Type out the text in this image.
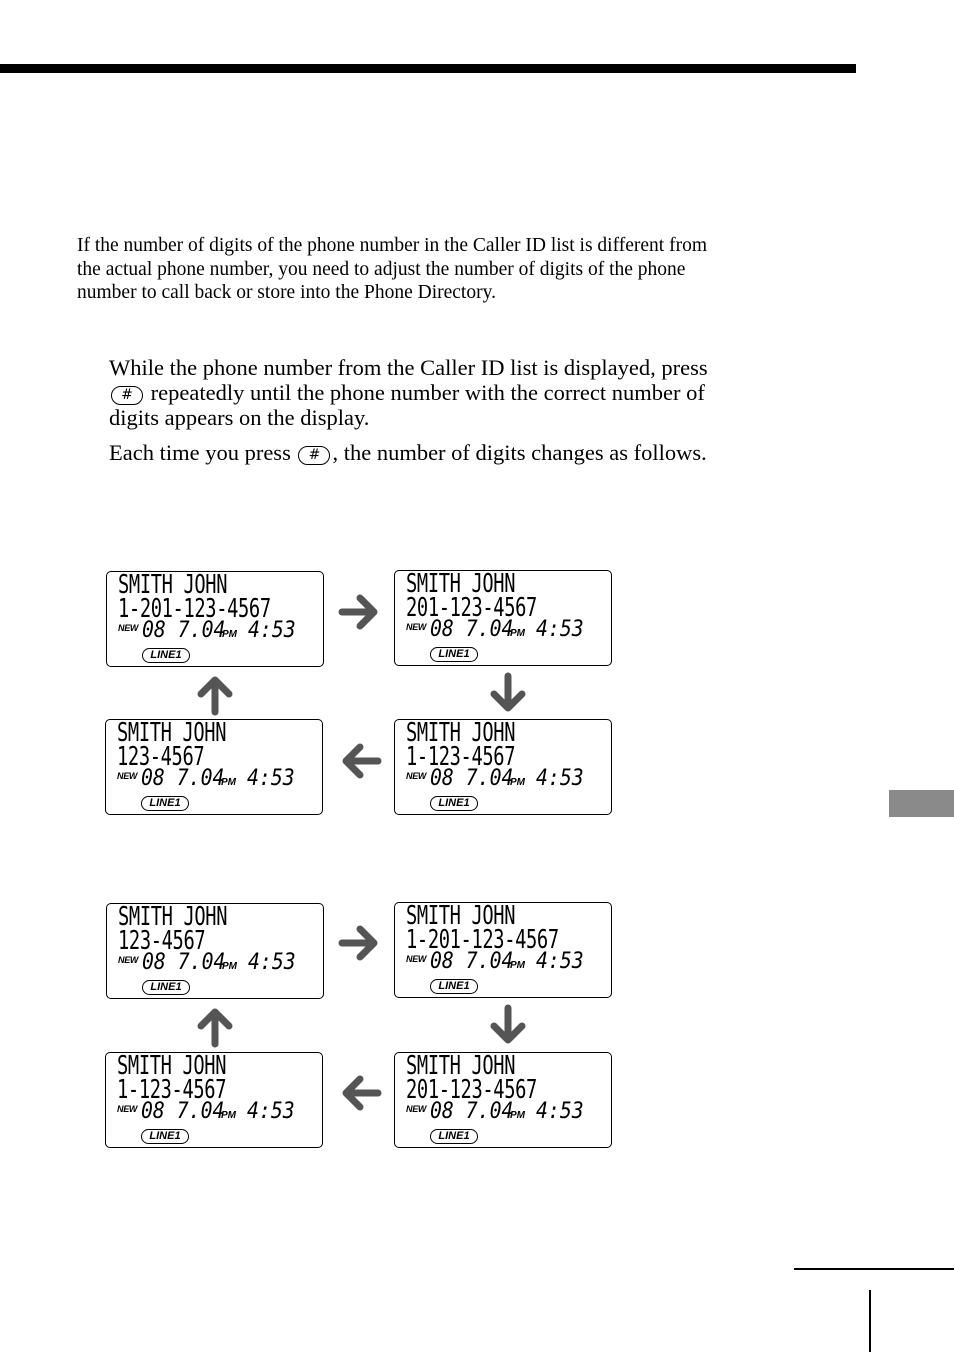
If the number of digits of the phone number in the Caller ID list is different from the actual phone number, you need to adjust the number of digits of the phone number to call back or store into the Phone Directory.

While the phone number from the Caller ID list is displayed, press # repeatedly until the phone number with the correct number of digits appears on the display.

Each time you press # , the number of digits changes as follows.

SMITH JOHN
1-201-123-4567
NEW 08 7.04
PM 4:53
LINE1
SMITH JOHN
201-123-4567
NEW 08 7.04
PM 4:53
LINE1
SMITH JOHN
1-123-4567
NEW 08 7.04
PM 4:53
LINE1
SMITH JOHN
123-4567
NEW 08 7.04
PM 4:53
LINE1
SMITH JOHN
123-4567
NEW 08 7.04
PM 4:53
LINE1
SMITH JOHN
1-201-123-4567
NEW 08 7.04
PM 4:53
LINE1
SMITH JOHN
201-123-4567
NEW 08 7.04
PM 4:53
LINE1
SMITH JOHN
1-123-4567
NEW 08 7.04
PM 4:53
LINE1
